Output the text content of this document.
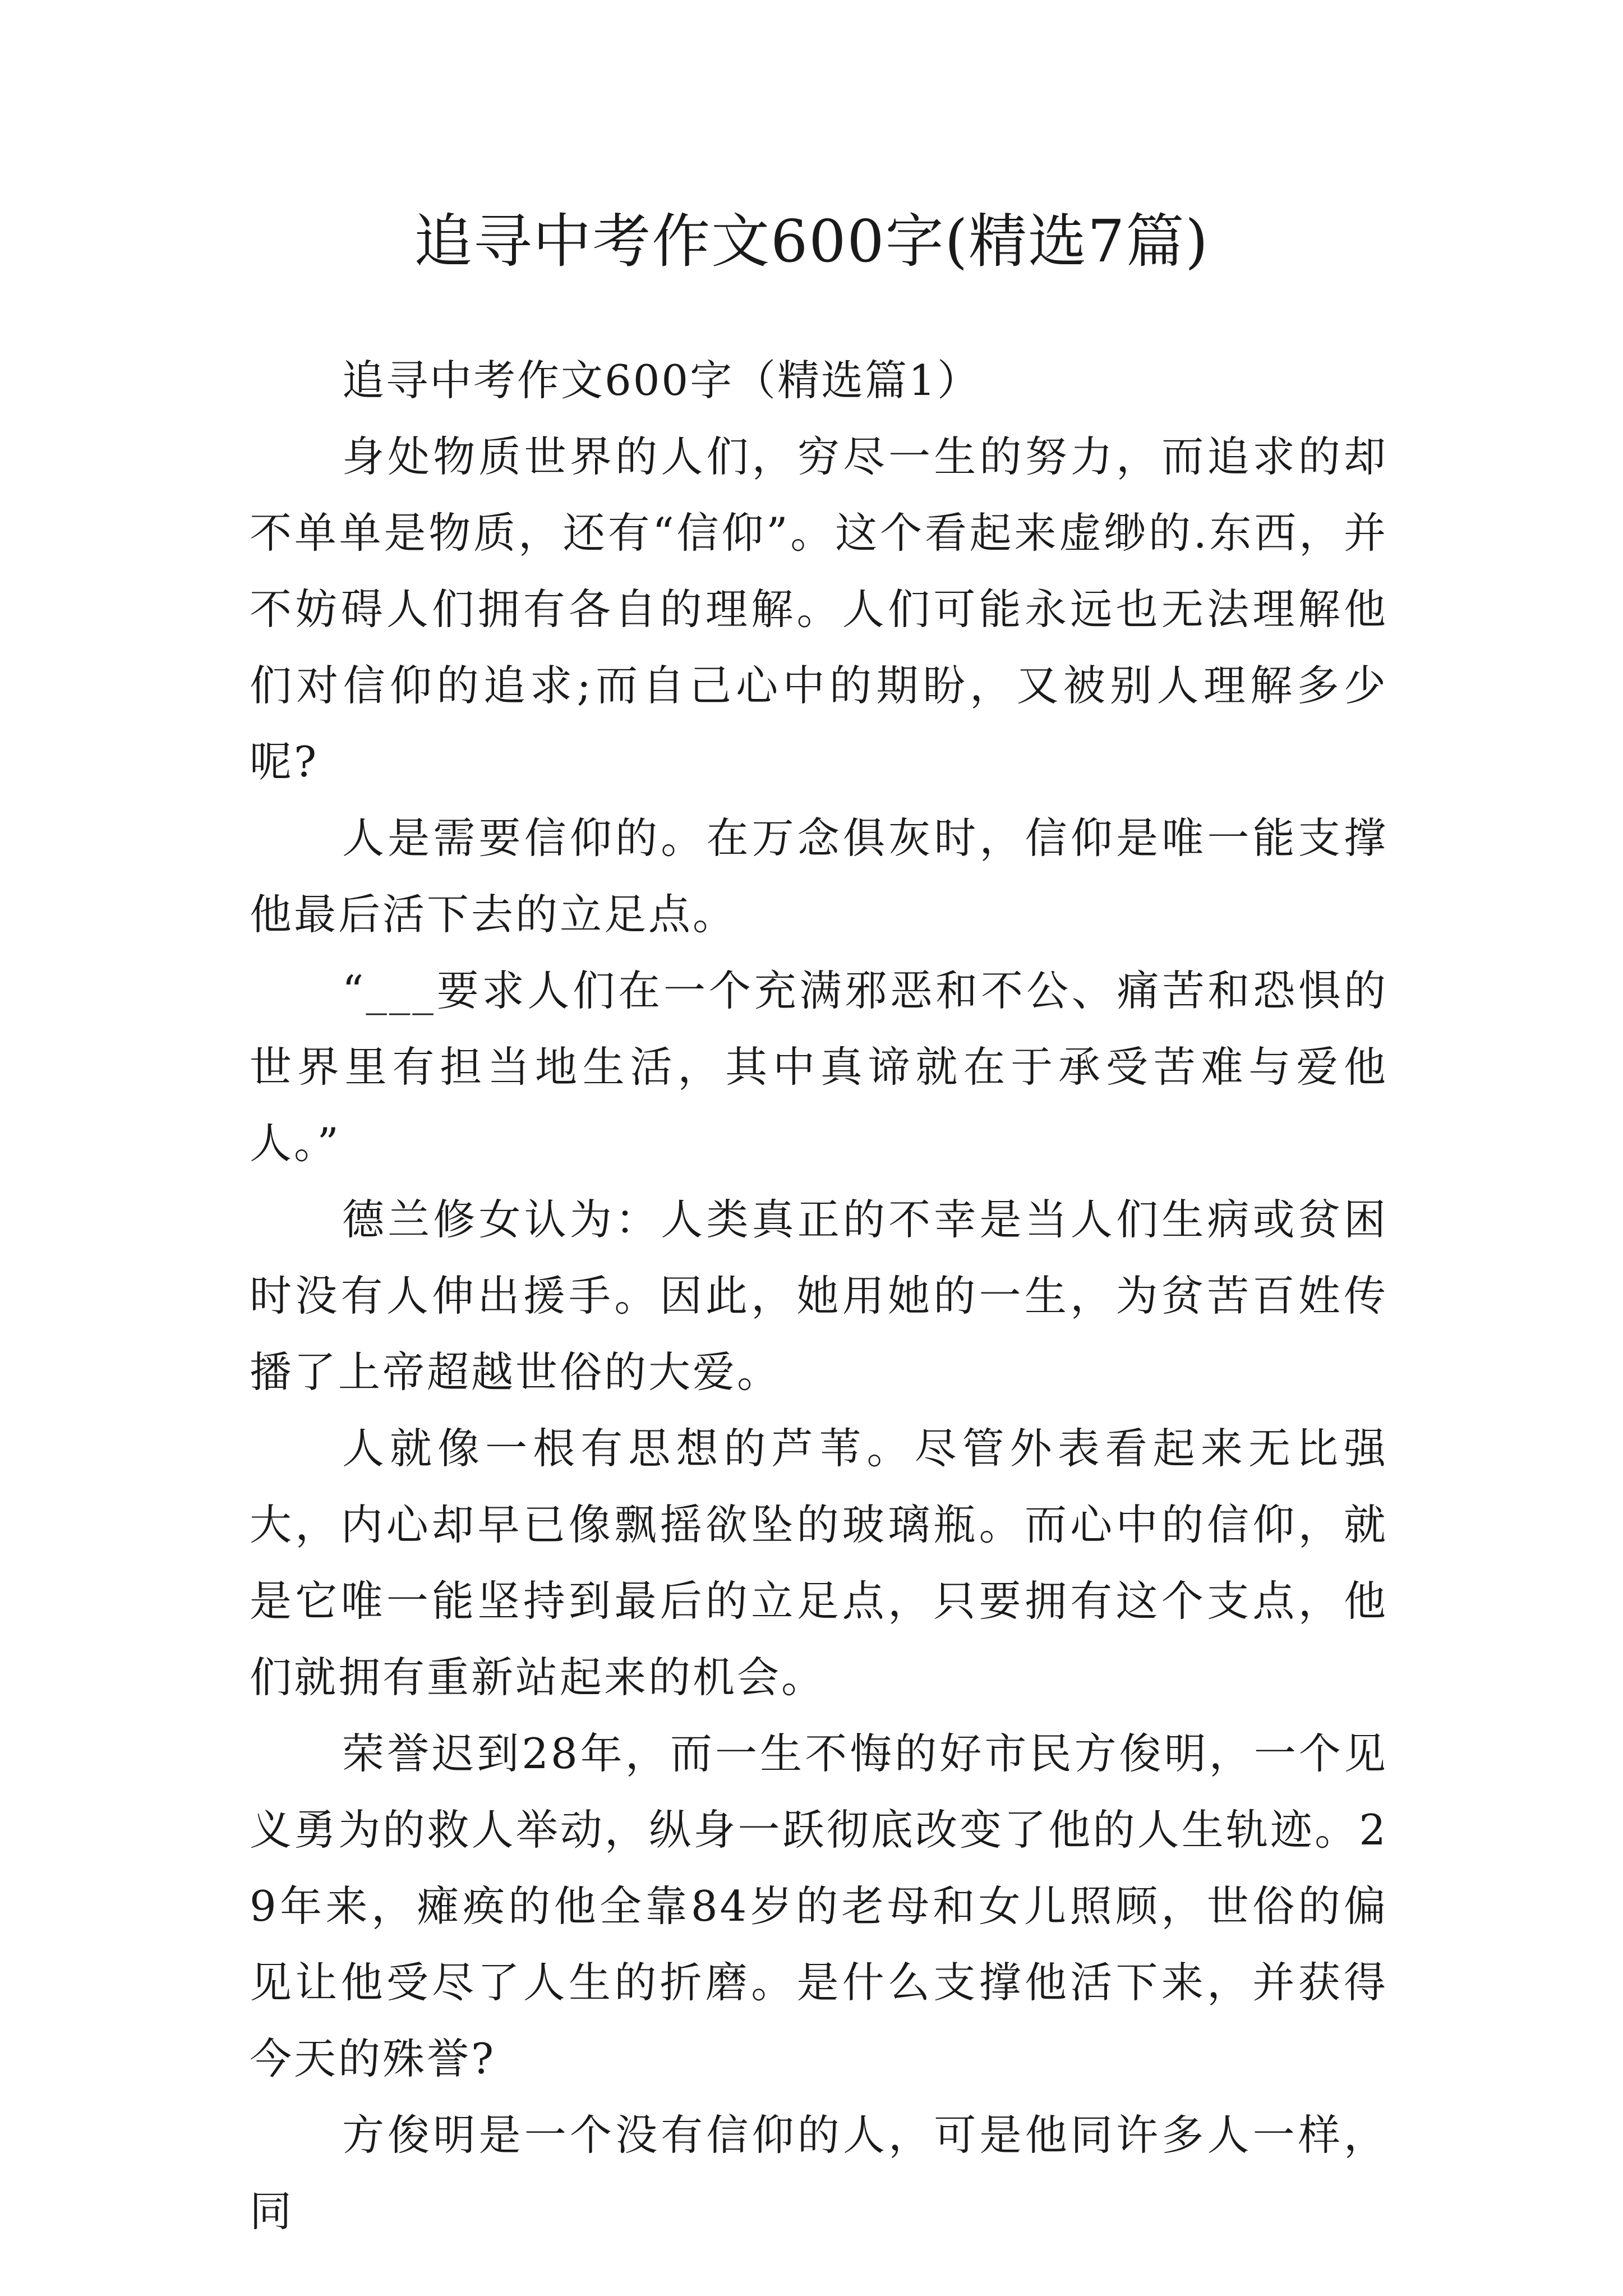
追寻中考作文600字(精选7篇)

追寻中考作文600字（精选篇1）

身处物质世界的人们，穷尽一生的努力，而追求的却不单单是物质，还有“信仰”。这个看起来虚缈的.东西，并不妨碍人们拥有各自的理解。人们可能永远也无法理解他们对信仰的追求;而自己心中的期盼，又被别人理解多少呢?

人是需要信仰的。在万念俱灰时，信仰是唯一能支撑他最后活下去的立足点。

“___要求人们在一个充满邪恶和不公、痛苦和恐惧的世界里有担当地生活，其中真谛就在于承受苦难与爱他人。”

德兰修女认为：人类真正的不幸是当人们生病或贫困时没有人伸出援手。因此，她用她的一生，为贫苦百姓传播了上帝超越世俗的大爱。

人就像一根有思想的芦苇。尽管外表看起来无比强大，内心却早已像飘摇欲坠的玻璃瓶。而心中的信仰，就是它唯一能坚持到最后的立足点，只要拥有这个支点，他们就拥有重新站起来的机会。

荣誉迟到28年，而一生不悔的好市民方俊明，一个见义勇为的救人举动，纵身一跃彻底改变了他的人生轨迹。29年来，瘫痪的他全靠84岁的老母和女儿照顾，世俗的偏见让他受尽了人生的折磨。是什么支撑他活下来，并获得今天的殊誉?

方俊明是一个没有信仰的人，可是他同许多人一样，同
